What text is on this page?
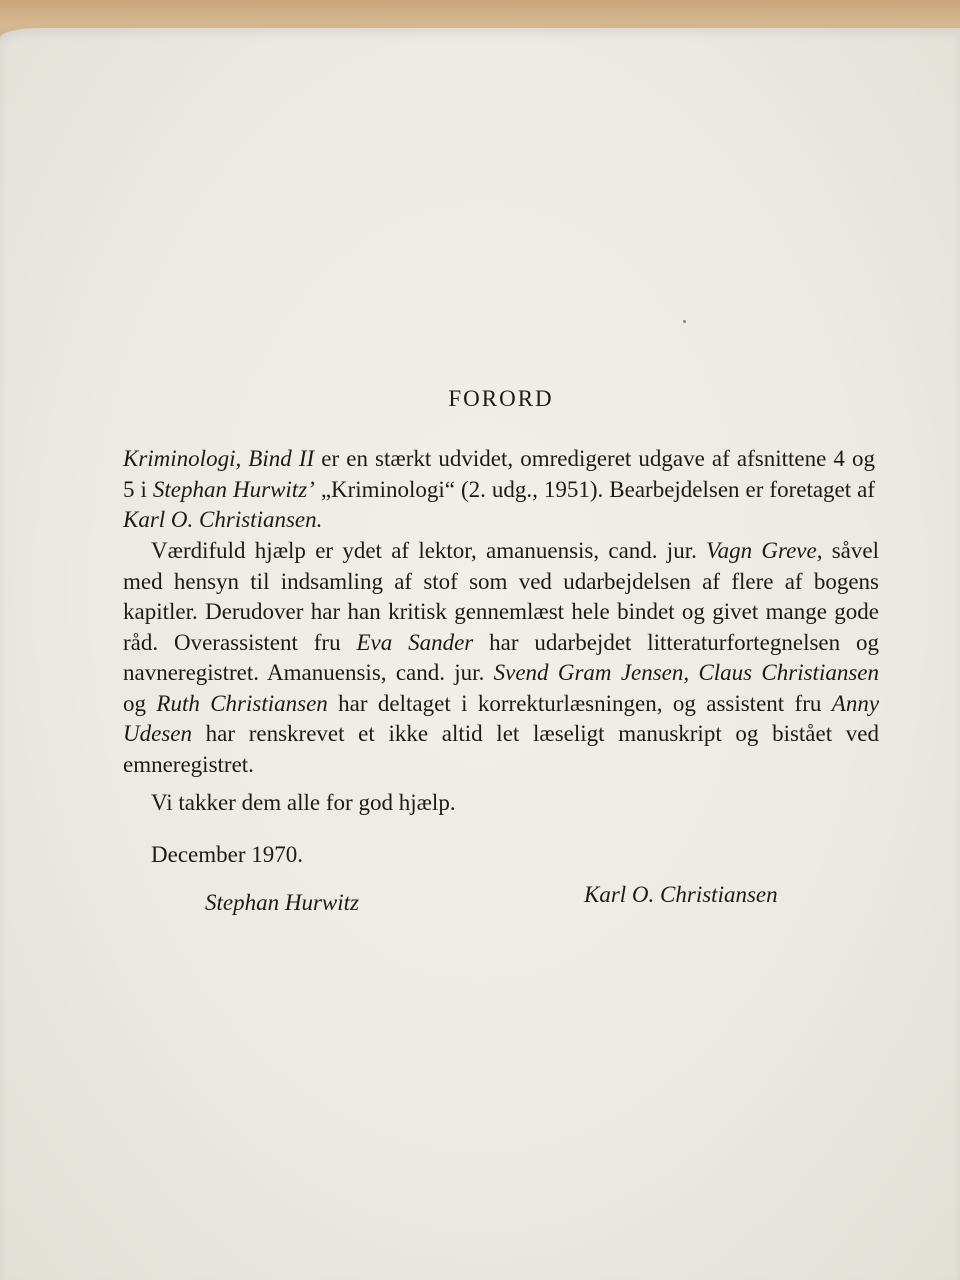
FORORD

Kriminologi, Bind II er en stærkt udvidet, omredigeret udgave af afsnittene 4 og 5 i Stephan Hurwitz’ „Kriminologi“ (2. udg., 1951). Bearbejdelsen er foretaget af Karl O. Christiansen.

Værdifuld hjælp er ydet af lektor, amanuensis, cand. jur. Vagn Greve, såvel med hensyn til indsamling af stof som ved udarbejdelsen af flere af bogens kapitler. Derudover har han kritisk gennemlæst hele bindet og givet mange gode råd. Overassistent fru Eva Sander har udarbejdet litteraturfortegnelsen og navneregistret. Amanuensis, cand. jur. Svend Gram Jensen, Claus Christiansen og Ruth Christiansen har deltaget i korrekturlæsningen, og assistent fru Anny Udesen har renskrevet et ikke altid let læseligt manuskript og bistået ved emneregistret.

Vi takker dem alle for god hjælp.

December 1970.
Stephan Hurwitz	Karl O. Christiansen
